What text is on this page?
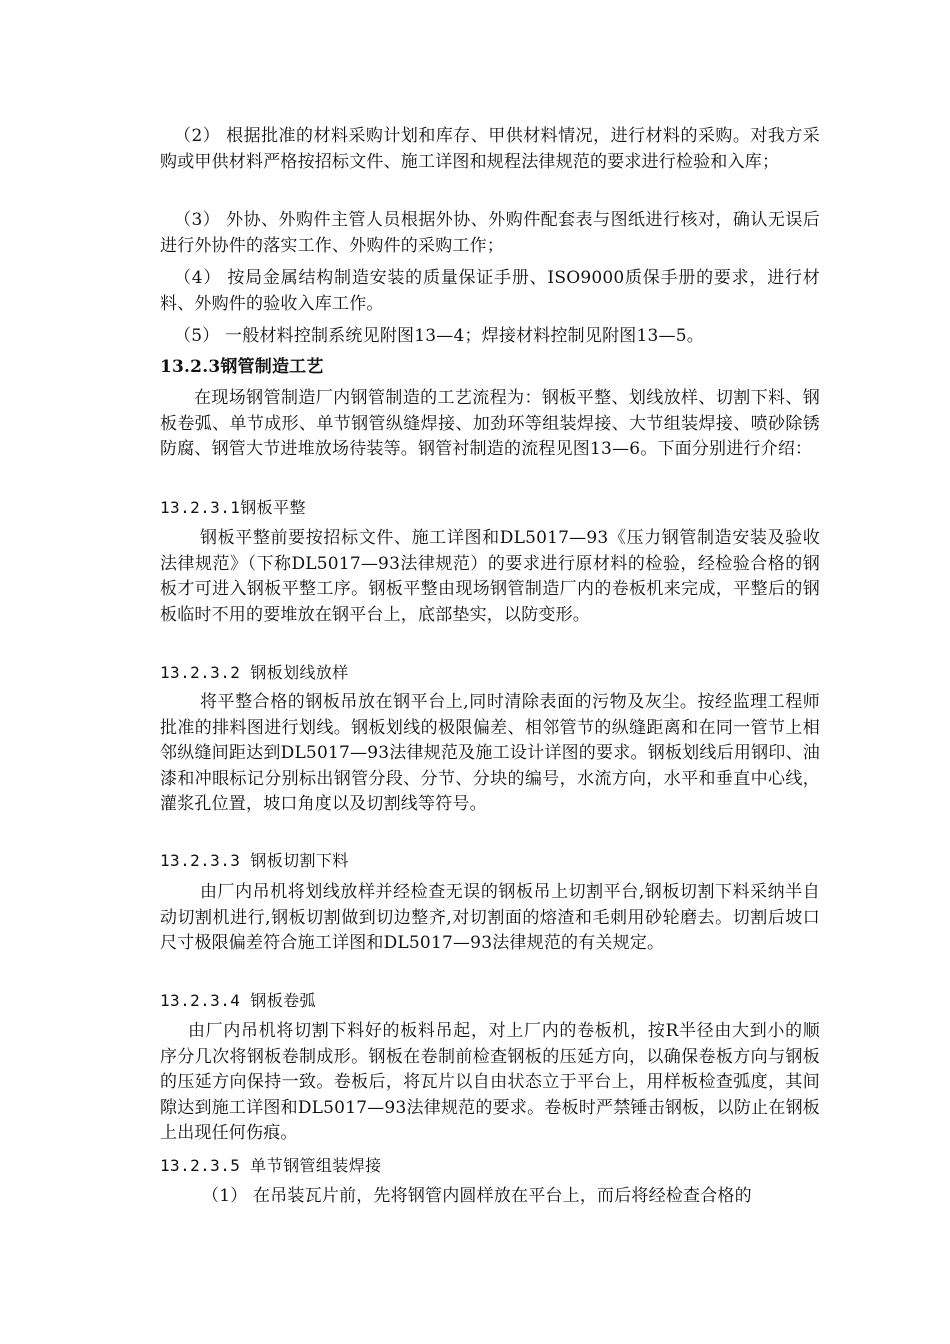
（2） 根据批准的材料采购计划和库存、甲供材料情况，进行材料的采购。对我方采购或甲供材料严格按招标文件、施工详图和规程法律规范的要求进行检验和入库；
（3） 外协、外购件主管人员根据外协、外购件配套表与图纸进行核对，确认无误后进行外协件的落实工作、外购件的采购工作；
（4） 按局金属结构制造安装的质量保证手册、ISO9000质保手册的要求，进行材料、外购件的验收入库工作。
（5） 一般材料控制系统见附图13—4；焊接材料控制见附图13—5。
13.2.3钢管制造工艺
在现场钢管制造厂内钢管制造的工艺流程为：钢板平整、划线放样、切割下料、钢板卷弧、单节成形、单节钢管纵缝焊接、加劲环等组装焊接、大节组装焊接、喷砂除锈防腐、钢管大节进堆放场待装等。钢管衬制造的流程见图13—6。下面分别进行介绍：
13.2.3.1钢板平整
钢板平整前要按招标文件、施工详图和DL5017—93《压力钢管制造安装及验收法律规范》（下称DL5017—93法律规范）的要求进行原材料的检验，经检验合格的钢板才可进入钢板平整工序。钢板平整由现场钢管制造厂内的卷板机来完成，平整后的钢板临时不用的要堆放在钢平台上，底部垫实，以防变形。
13.2.3.2 钢板划线放样
将平整合格的钢板吊放在钢平台上,同时清除表面的污物及灰尘。按经监理工程师批准的排料图进行划线。钢板划线的极限偏差、相邻管节的纵缝距离和在同一管节上相邻纵缝间距达到DL5017—93法律规范及施工设计详图的要求。钢板划线后用钢印、油漆和冲眼标记分别标出钢管分段、分节、分块的编号，水流方向，水平和垂直中心线，灌浆孔位置，坡口角度以及切割线等符号。
13.2.3.3 钢板切割下料
由厂内吊机将划线放样并经检查无误的钢板吊上切割平台,钢板切割下料采纳半自动切割机进行,钢板切割做到切边整齐,对切割面的熔渣和毛刺用砂轮磨去。切割后坡口尺寸极限偏差符合施工详图和DL5017—93法律规范的有关规定。
13.2.3.4 钢板卷弧
由厂内吊机将切割下料好的板料吊起，对上厂内的卷板机，按R半径由大到小的顺序分几次将钢板卷制成形。钢板在卷制前检查钢板的压延方向，以确保卷板方向与钢板的压延方向保持一致。卷板后，将瓦片以自由状态立于平台上，用样板检查弧度，其间隙达到施工详图和DL5017—93法律规范的要求。卷板时严禁锤击钢板，以防止在钢板上出现任何伤痕。
13.2.3.5 单节钢管组装焊接
（1） 在吊装瓦片前，先将钢管内圆样放在平台上，而后将经检查合格的
